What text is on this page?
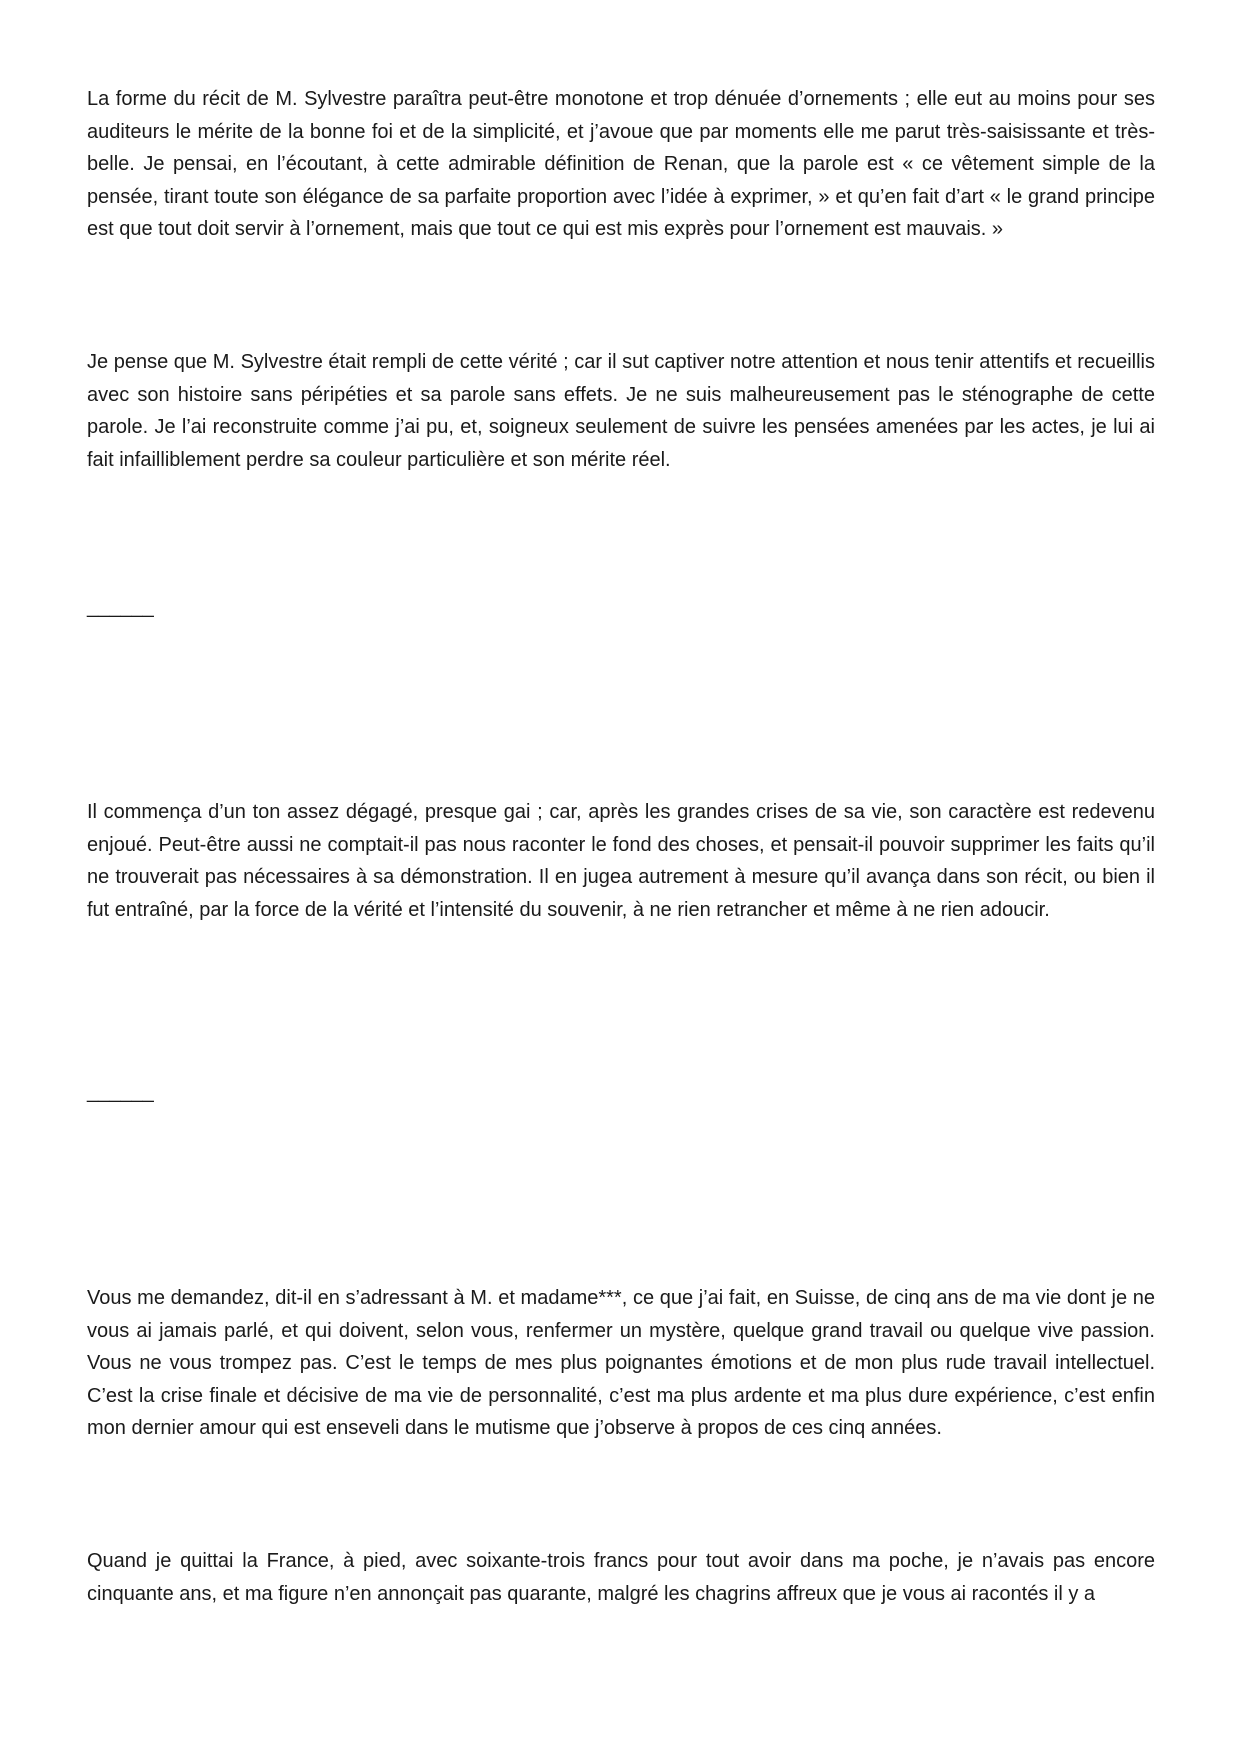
La forme du récit de M. Sylvestre paraîtra peut-être monotone et trop dénuée d’ornements ; elle eut au moins pour ses auditeurs le mérite de la bonne foi et de la simplicité, et j’avoue que par moments elle me parut très-saisissante et très-belle. Je pensai, en l’écoutant, à cette admirable définition de Renan, que la parole est « ce vêtement simple de la pensée, tirant toute son élégance de sa parfaite proportion avec l’idée à exprimer, » et qu’en fait d’art « le grand principe est que tout doit servir à l’ornement, mais que tout ce qui est mis exprès pour l’ornement est mauvais. »

Je pense que M. Sylvestre était rempli de cette vérité ; car il sut captiver notre attention et nous tenir attentifs et recueillis avec son histoire sans péripéties et sa parole sans effets. Je ne suis malheureusement pas le sténographe de cette parole. Je l’ai reconstruite comme j’ai pu, et, soigneux seulement de suivre les pensées amenées par les actes, je lui ai fait infailliblement perdre sa couleur particulière et son mérite réel.

______

Il commença d’un ton assez dégagé, presque gai ; car, après les grandes crises de sa vie, son caractère est redevenu enjoué. Peut-être aussi ne comptait-il pas nous raconter le fond des choses, et pensait-il pouvoir supprimer les faits qu’il ne trouverait pas nécessaires à sa démonstration. Il en jugea autrement à mesure qu’il avança dans son récit, ou bien il fut entraîné, par la force de la vérité et l’intensité du souvenir, à ne rien retrancher et même à ne rien adoucir.

______

Vous me demandez, dit-il en s’adressant à M. et madame***, ce que j’ai fait, en Suisse, de cinq ans de ma vie dont je ne vous ai jamais parlé, et qui doivent, selon vous, renfermer un mystère, quelque grand travail ou quelque vive passion. Vous ne vous trompez pas. C’est le temps de mes plus poignantes émotions et de mon plus rude travail intellectuel. C’est la crise finale et décisive de ma vie de personnalité, c’est ma plus ardente et ma plus dure expérience, c’est enfin mon dernier amour qui est enseveli dans le mutisme que j’observe à propos de ces cinq années.

Quand je quittai la France, à pied, avec soixante-trois francs pour tout avoir dans ma poche, je n’avais pas encore cinquante ans, et ma figure n’en annonçait pas quarante, malgré les chagrins affreux que je vous ai racontés il y a
